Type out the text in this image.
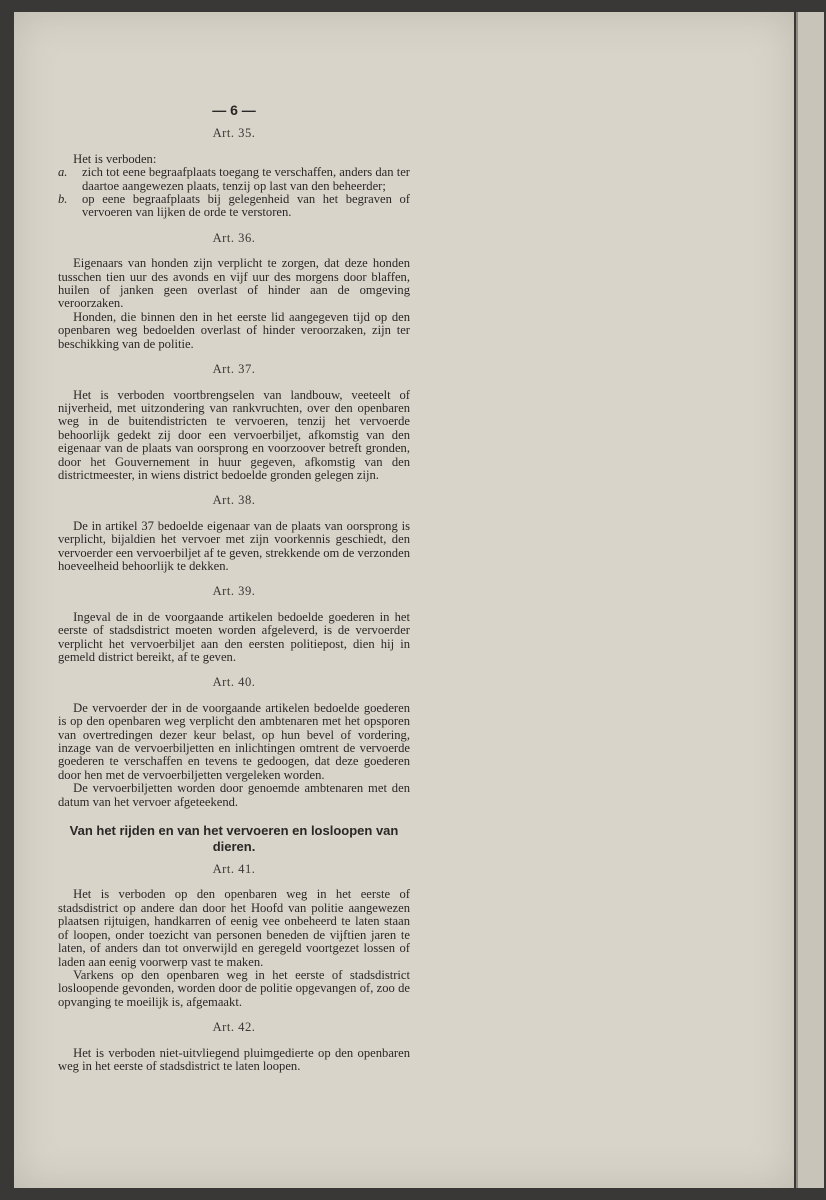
— 6 —
Art. 35.

Het is verboden:

a.	zich tot eene begraafplaats toegang te verschaffen, anders dan ter daartoe aangewezen plaats, tenzij op last van den beheerder;
b.	op eene begraafplaats bij gelegenheid van het begraven of vervoeren van lijken de orde te verstoren.
Art. 36.

Eigenaars van honden zijn verplicht te zorgen, dat deze honden tusschen tien uur des avonds en vijf uur des morgens door blaffen, huilen of janken geen overlast of hinder aan de omgeving veroorzaken.

Honden, die binnen den in het eerste lid aangegeven tijd op den openbaren weg bedoelden overlast of hinder veroorzaken, zijn ter beschikking van de politie.

Art. 37.

Het is verboden voortbrengselen van landbouw, veeteelt of nijverheid, met uitzondering van rankvruchten, over den openbaren weg in de buitendistricten te vervoeren, tenzij het vervoerde behoorlijk gedekt zij door een vervoerbiljet, afkomstig van den eigenaar van de plaats van oorsprong en voorzoover betreft gronden, door het Gouvernement in huur gegeven, afkomstig van den districtmeester, in wiens district bedoelde gronden gelegen zijn.

Art. 38.

De in artikel 37 bedoelde eigenaar van de plaats van oorsprong is verplicht, bijaldien het vervoer met zijn voorkennis geschiedt, den vervoerder een vervoerbiljet af te geven, strekkende om de verzonden hoeveelheid behoorlijk te dekken.

Art. 39.

Ingeval de in de voorgaande artikelen bedoelde goederen in het eerste of stadsdistrict moeten worden afgeleverd, is de vervoerder verplicht het vervoerbiljet aan den eersten politiepost, dien hij in gemeld district bereikt, af te geven.

Art. 40.

De vervoerder der in de voorgaande artikelen bedoelde goederen is op den openbaren weg verplicht den ambtenaren met het opsporen van overtredingen dezer keur belast, op hun bevel of vordering, inzage van de vervoerbiljetten en inlichtingen omtrent de vervoerde goederen te verschaffen en tevens te gedoogen, dat deze goederen door hen met de vervoerbiljetten vergeleken worden.

De vervoerbiljetten worden door genoemde ambtenaren met den datum van het vervoer afgeteekend.

Van het rijden en van het vervoeren en losloopen van dieren.
Art. 41.

Het is verboden op den openbaren weg in het eerste of stadsdistrict op andere dan door het Hoofd van politie aangewezen plaatsen rijtuigen, handkarren of eenig vee onbeheerd te laten staan of loopen, onder toezicht van personen beneden de vijftien jaren te laten, of anders dan tot onverwijld en geregeld voortgezet lossen of laden aan eenig voorwerp vast te maken.

Varkens op den openbaren weg in het eerste of stadsdistrict losloopende gevonden, worden door de politie opgevangen of, zoo de opvanging te moeilijk is, afgemaakt.

Art. 42.

Het is verboden niet-uitvliegend pluimgedierte op den openbaren weg in het eerste of stadsdistrict te laten loopen.
